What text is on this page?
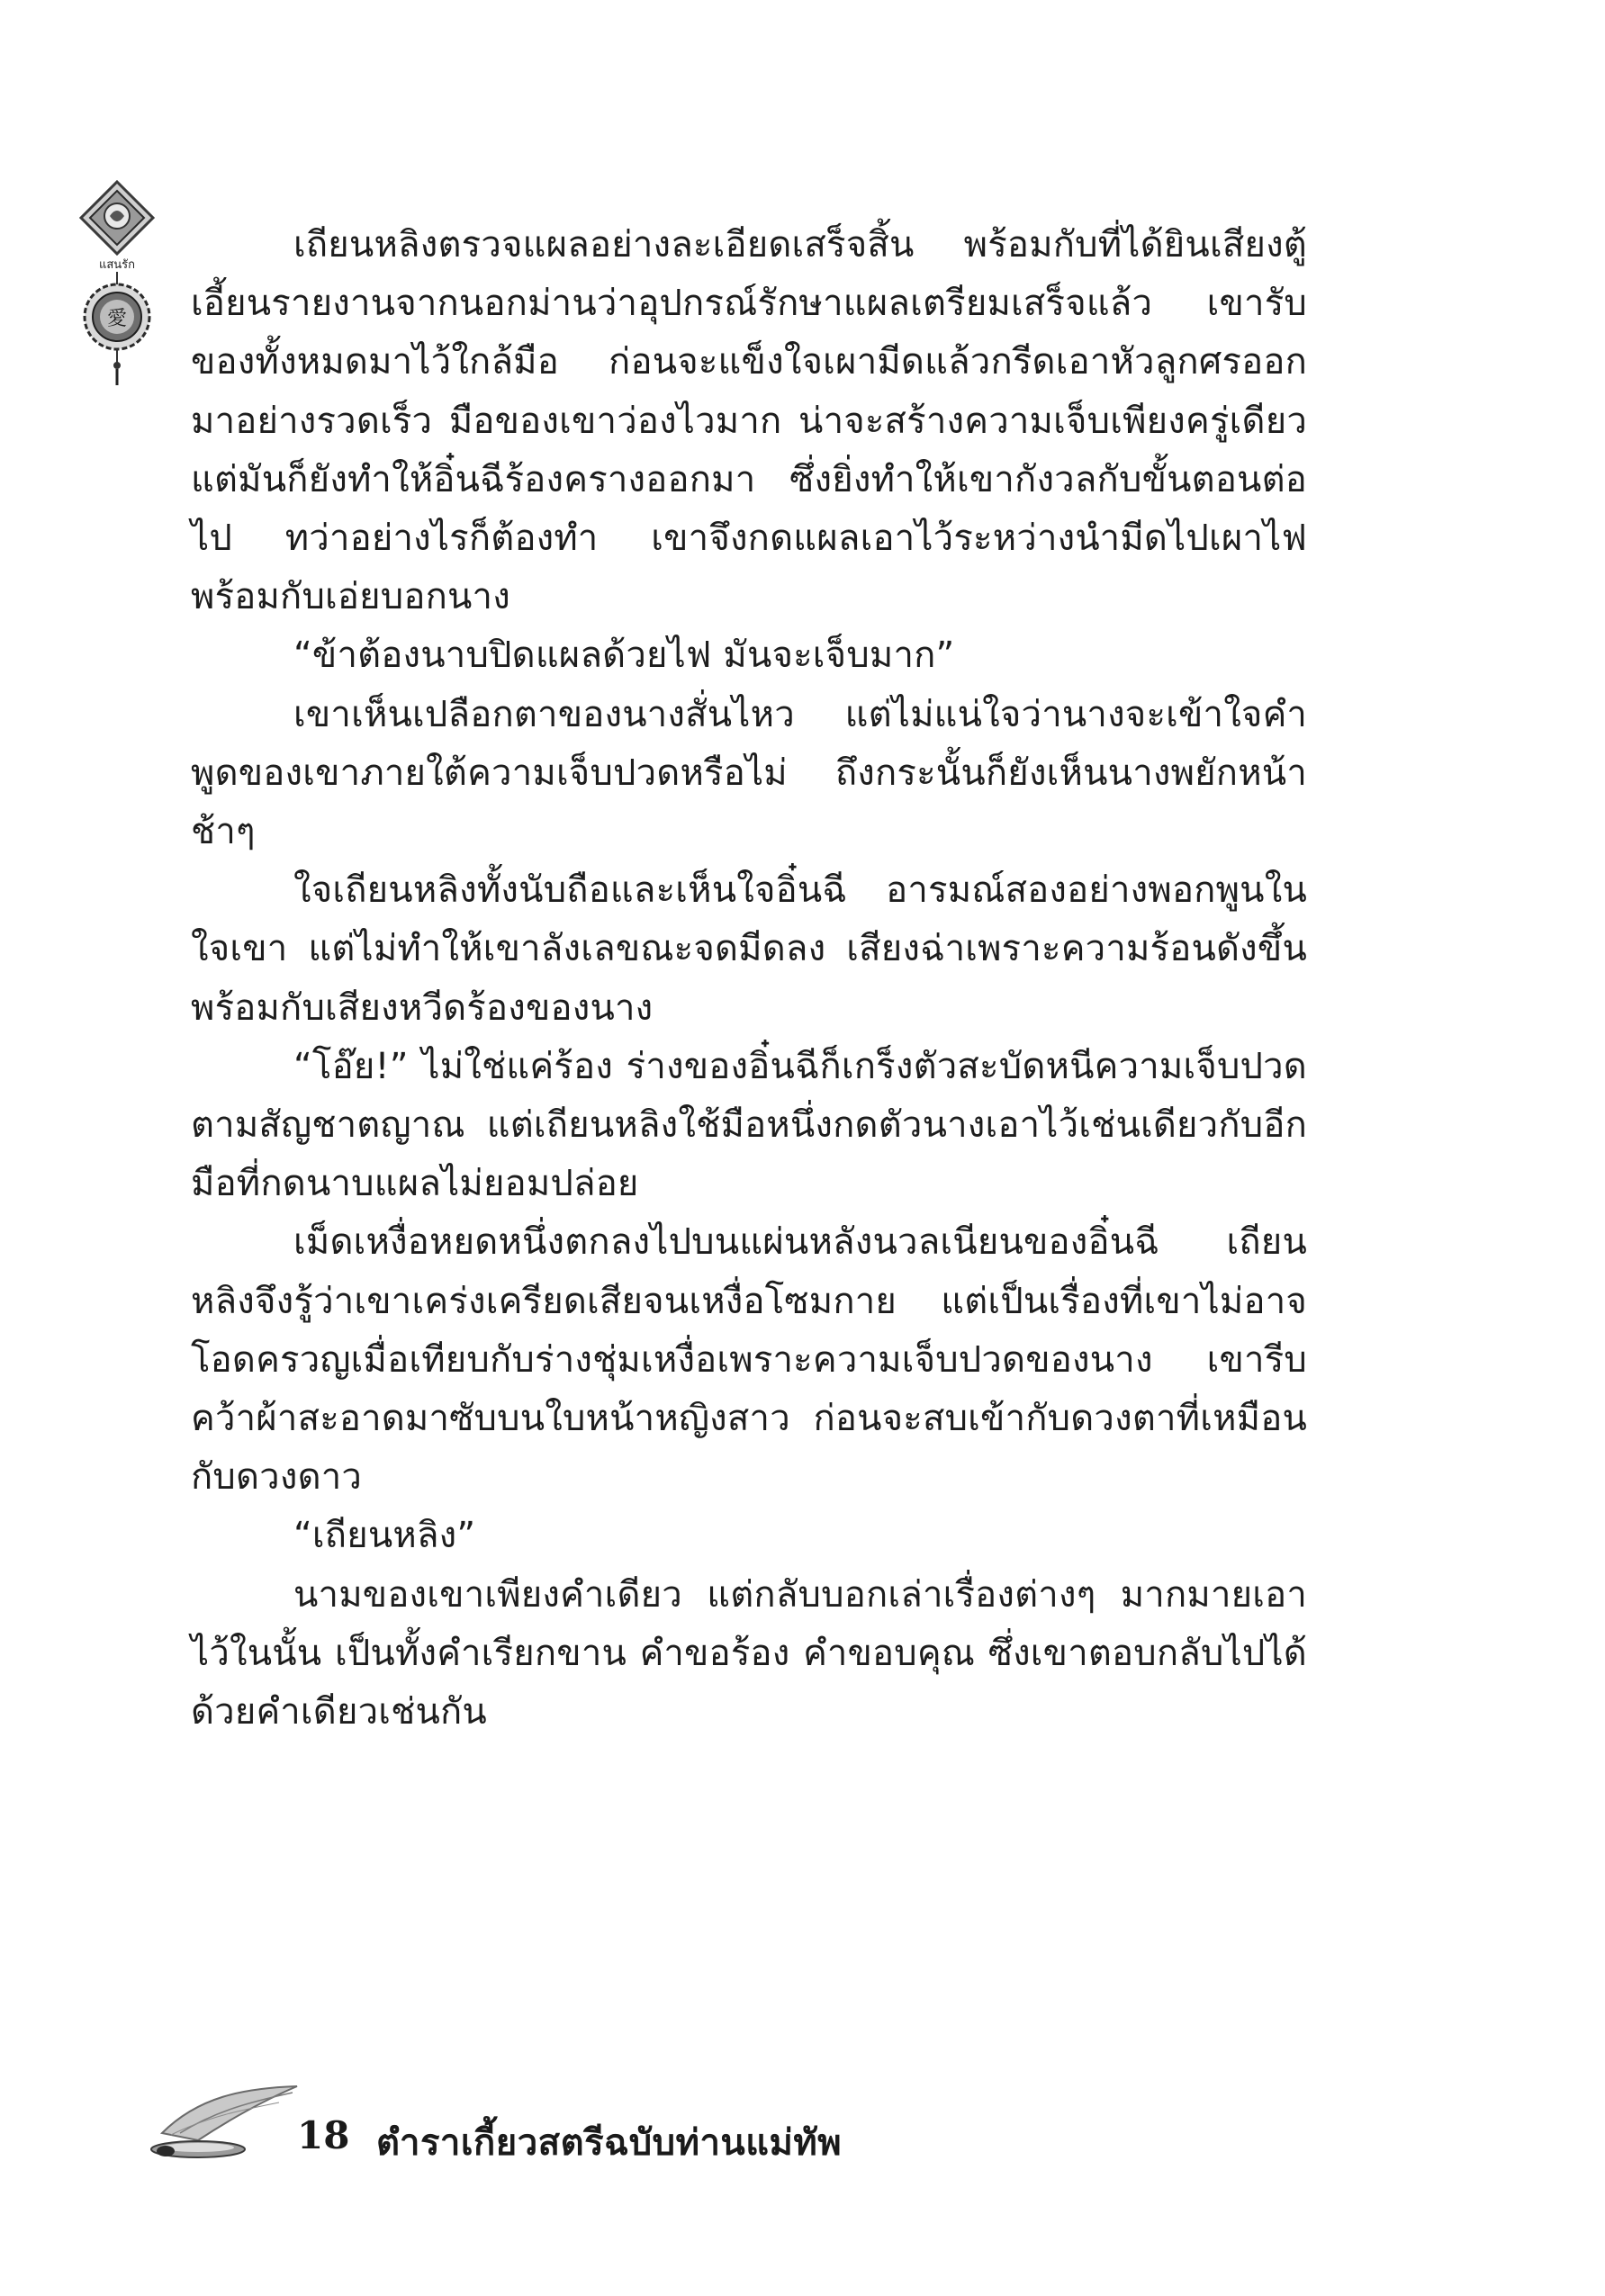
แสนรัก
愛

เถียนหลิงตรวจแผลอย่างละเอียดเสร็จสิ้น พร้อมกับที่ได้ยินเสียงตู้เอี้ยนรายงานจากนอกม่านว่าอุปกรณ์รักษาแผลเตรียมเสร็จแล้ว เขารับของทั้งหมดมาไว้ใกล้มือ ก่อนจะแข็งใจเผามีดแล้วกรีดเอาหัวลูกศรออกมาอย่างรวดเร็ว มือของเขาว่องไวมาก น่าจะสร้างความเจ็บเพียงครู่เดียว แต่มันก็ยังทำให้อิ๋นฉีร้องครางออกมา ซึ่งยิ่งทำให้เขากังวลกับขั้นตอนต่อไป ทว่าอย่างไรก็ต้องทำ เขาจึงกดแผลเอาไว้ระหว่างนำมีดไปเผาไฟ พร้อมกับเอ่ยบอกนาง

“ข้าต้องนาบปิดแผลด้วยไฟ มันจะเจ็บมาก”

เขาเห็นเปลือกตาของนางสั่นไหว แต่ไม่แน่ใจว่านางจะเข้าใจคำพูดของเขาภายใต้ความเจ็บปวดหรือไม่ ถึงกระนั้นก็ยังเห็นนางพยักหน้าช้าๆ

ใจเถียนหลิงทั้งนับถือและเห็นใจอิ๋นฉี อารมณ์สองอย่างพอกพูนในใจเขา แต่ไม่ทำให้เขาลังเลขณะจดมีดลง เสียงฉ่าเพราะความร้อนดังขึ้นพร้อมกับเสียงหวีดร้องของนาง

“โอ๊ย!” ไม่ใช่แค่ร้อง ร่างของอิ๋นฉีก็เกร็งตัวสะบัดหนีความเจ็บปวดตามสัญชาตญาณ แต่เถียนหลิงใช้มือหนึ่งกดตัวนางเอาไว้เช่นเดียวกับอีกมือที่กดนาบแผลไม่ยอมปล่อย

เม็ดเหงื่อหยดหนึ่งตกลงไปบนแผ่นหลังนวลเนียนของอิ๋นฉี เถียนหลิงจึงรู้ว่าเขาเคร่งเครียดเสียจนเหงื่อโซมกาย แต่เป็นเรื่องที่เขาไม่อาจโอดครวญเมื่อเทียบกับร่างชุ่มเหงื่อเพราะความเจ็บปวดของนาง เขารีบคว้าผ้าสะอาดมาซับบนใบหน้าหญิงสาว ก่อนจะสบเข้ากับดวงตาที่เหมือนกับดวงดาว

“เถียนหลิง”

นามของเขาเพียงคำเดียว แต่กลับบอกเล่าเรื่องต่างๆ มากมายเอาไว้ในนั้น เป็นทั้งคำเรียกขาน คำขอร้อง คำขอบคุณ ซึ่งเขาตอบกลับไปได้ด้วยคำเดียวเช่นกัน

18 ตำราเกี้ยวสตรีฉบับท่านแม่ทัพ
